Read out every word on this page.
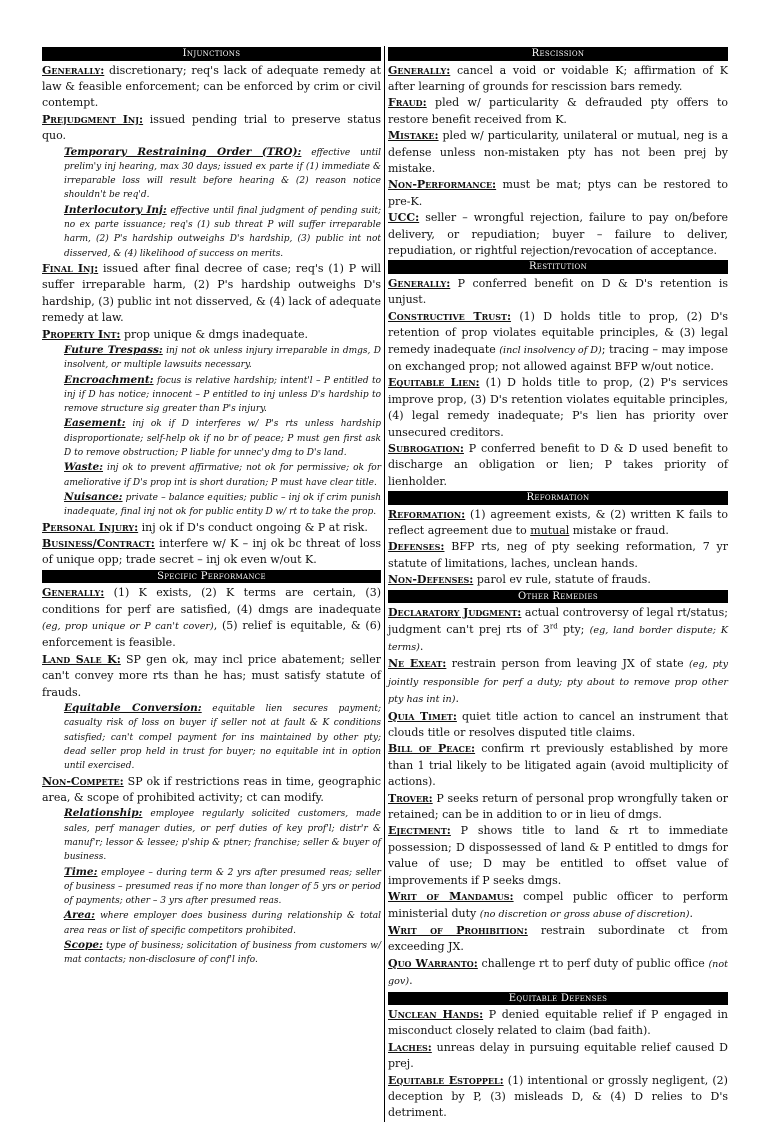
Injunctions
Generally: discretionary; req's lack of adequate remedy at law & feasible enforcement; can be enforced by crim or civil contempt.
Prejudgment Inj: issued pending trial to preserve status quo.
Temporary Restraining Order (TRO): effective until prelim'y inj hearing, max 30 days; issued ex parte if (1) immediate & irreparable loss will result before hearing & (2) reason notice shouldn't be req'd.
Interlocutory Inj: effective until final judgment of pending suit; no ex parte issuance; req's (1) sub threat P will suffer irreparable harm, (2) P's hardship outweighs D's hardship, (3) public int not disserved, & (4) likelihood of success on merits.
Final Inj: issued after final decree of case; req's (1) P will suffer irreparable harm, (2) P's hardship outweighs D's hardship, (3) public int not disserved, & (4) lack of adequate remedy at law.
Property Int: prop unique & dmgs inadequate.
Future Trespass: inj not ok unless injury irreparable in dmgs, D insolvent, or multiple lawsuits necessary.
Encroachment: focus is relative hardship; intent'l – P entitled to inj if D has notice; innocent – P entitled to inj unless D's hardship to remove structure sig greater than P's injury.
Easement: inj ok if D interferes w/ P's rts unless hardship disproportionate; self-help ok if no br of peace; P must gen first ask D to remove obstruction; P liable for unnec'y dmg to D's land.
Waste: inj ok to prevent affirmative; not ok for permissive; ok for ameliorative if D's prop int is short duration; P must have clear title.
Nuisance: private – balance equities; public – inj ok if crim punish inadequate, final inj not ok for public entity D w/ rt to take the prop.
Personal Injury: inj ok if D's conduct ongoing & P at risk.
Business/Contract: interfere w/ K – inj ok bc threat of loss of unique opp; trade secret – inj ok even w/out K.
Specific Performance
Generally: (1) K exists, (2) K terms are certain, (3) conditions for perf are satisfied, (4) dmgs are inadequate (eg, prop unique or P can't cover), (5) relief is equitable, & (6) enforcement is feasible.
Land Sale K: SP gen ok, may incl price abatement; seller can't convey more rts than he has; must satisfy statute of frauds.
Equitable Conversion: equitable lien secures payment; casualty risk of loss on buyer if seller not at fault & K conditions satisfied; can't compel payment for ins maintained by other pty; dead seller prop held in trust for buyer; no equitable int in option until exercised.
Non-Compete: SP ok if restrictions reas in time, geographic area, & scope of prohibited activity; ct can modify.
Relationship: employee regularly solicited customers, made sales, perf manager duties, or perf duties of key prof'l; distr'r & manuf'r; lessor & lessee; p'ship & ptner; franchise; seller & buyer of business.
Time: employee – during term & 2 yrs after presumed reas; seller of business – presumed reas if no more than longer of 5 yrs or period of payments; other – 3 yrs after presumed reas.
Area: where employer does business during relationship & total area reas or list of specific competitors prohibited.
Scope: type of business; solicitation of business from customers w/ mat contacts; non-disclosure of conf'l info.
Rescission
Generally: cancel a void or voidable K; affirmation of K after learning of grounds for rescission bars remedy.
Fraud: pled w/ particularity & defrauded pty offers to restore benefit received from K.
Mistake: pled w/ particularity, unilateral or mutual, neg is a defense unless non-mistaken pty has not been prej by mistake.
Non-Performance: must be mat; ptys can be restored to pre-K.
UCC: seller – wrongful rejection, failure to pay on/before delivery, or repudiation; buyer – failure to deliver, repudiation, or rightful rejection/revocation of acceptance.
Restitution
Generally: P conferred benefit on D & D's retention is unjust.
Constructive Trust: (1) D holds title to prop, (2) D's retention of prop violates equitable principles, & (3) legal remedy inadequate (incl insolvency of D); tracing – may impose on exchanged prop; not allowed against BFP w/out notice.
Equitable Lien: (1) D holds title to prop, (2) P's services improve prop, (3) D's retention violates equitable principles, (4) legal remedy inadequate; P's lien has priority over unsecured creditors.
Subrogation: P conferred benefit to D & D used benefit to discharge an obligation or lien; P takes priority of lienholder.
Reformation
Reformation: (1) agreement exists, & (2) written K fails to reflect agreement due to mutual mistake or fraud.
Defenses: BFP rts, neg of pty seeking reformation, 7 yr statute of limitations, laches, unclean hands.
Non-Defenses: parol ev rule, statute of frauds.
Other Remedies
Declaratory Judgment: actual controversy of legal rt/status; judgment can't prej rts of 3rd pty; (eg, land border dispute; K terms).
Ne Exeat: restrain person from leaving JX of state (eg, pty jointly responsible for perf a duty; pty about to remove prop other pty has int in).
Quia Timet: quiet title action to cancel an instrument that clouds title or resolves disputed title claims.
Bill of Peace: confirm rt previously established by more than 1 trial likely to be litigated again (avoid multiplicity of actions).
Trover: P seeks return of personal prop wrongfully taken or retained; can be in addition to or in lieu of dmgs.
Ejectment: P shows title to land & rt to immediate possession; D dispossessed of land & P entitled to dmgs for value of use; D may be entitled to offset value of improvements if P seeks dmgs.
Writ of Mandamus: compel public officer to perform ministerial duty (no discretion or gross abuse of discretion).
Writ of Prohibition: restrain subordinate ct from exceeding JX.
Quo Warranto: challenge rt to perf duty of public office (not gov).
Equitable Defenses
Unclean Hands: P denied equitable relief if P engaged in misconduct closely related to claim (bad faith).
Laches: unreas delay in pursuing equitable relief caused D prej.
Equitable Estoppel: (1) intentional or grossly negligent, (2) deception by P, (3) misleads D, & (4) D relies to D's detriment.
